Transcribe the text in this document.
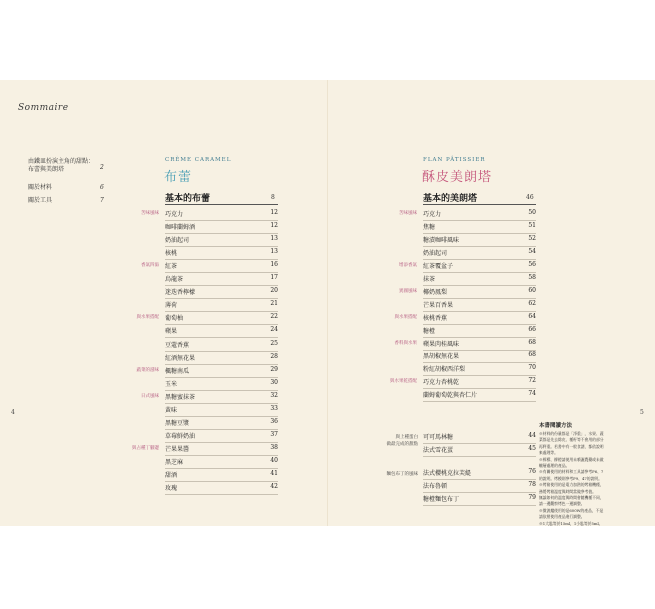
Sommaire
由鐵皿扮演主角的甜點：
布蕾與美朗塔	2
關於材料	6
關於工具	7
CRÈME CARAMEL
布蕾
基本的布蕾	8
苦味風味 巧克力	12
咖啡蘭姆酒	12
奶油起司	13
核桃	13
香氣四溢 紅茶	16
烏龍茶	17
迷迭香檸檬	20
薄荷	21
與水果搭配 葡萄柚	22
蘋果	24
豆蔻香蕉	25
紅酒無花果	28
蔬菜的滋味 楓糖南瓜	29
玉米	30
日式風味 黑糖蜜抹茶	32
黃味	33
黑糖豆漿	36
草莓鮮奶油	37
與占種丁腳邊 芒果果醬	38
黑芝麻	40
甜酒	41
玫瑰	42
FLAN PÂTISSIER
酥皮美朗塔
基本的美朗塔	46
苦味風味 巧克力	50
焦糖	51
糖漬咖啡風味	52
奶油起司	54
增添香氣 紅茶覆盆子	56
抹茶	58
異國風味 椰奶鳳梨	60
芒果百香果	62
與水果搭配 核桃香蕉	64
糖橙	66
香料與水果 蘋果肉桂風味	68
黑胡椒無花果	68
粉紅胡椒西洋梨	70
與水果乾搭配 巧克力杏桃乾	72
蘭姆葡萄乾與杏仁片	74
與上種蛋白
做最完成的甜點
麵包布丁的風味
可可馬林糖	44
法式雪花蛋	45
法式櫻桃克拉芙緹	76
法布魯頓	78
糖橙麵包布丁	79
本書閱讀方法
※材料的份量都是「淨重」，水果、蔬
菜都是先去除皮、種籽等不會用的部分
再秤重。若書中有一般食譜，都依說明
來處理等。
※檸檬、柳橙請使用未噴灑農藥或未做
蠟層處理的產品。
※有關使用的材料和工具請參考P6、7
的說明。烤模則參考P9、47的說明。
※烤箱使用的是電力加熱的烤箱機種，
務將烤箱溫度與時間當做參考值。
無論如何的溫度與時間會隨機種不同，
請一邊觀察烤色一邊調整。
※微波爐使用的是600W的產品，不是
請依照使用產品進行調整。
※1大匙等於15ml，1小匙等於5ml。
4	5
